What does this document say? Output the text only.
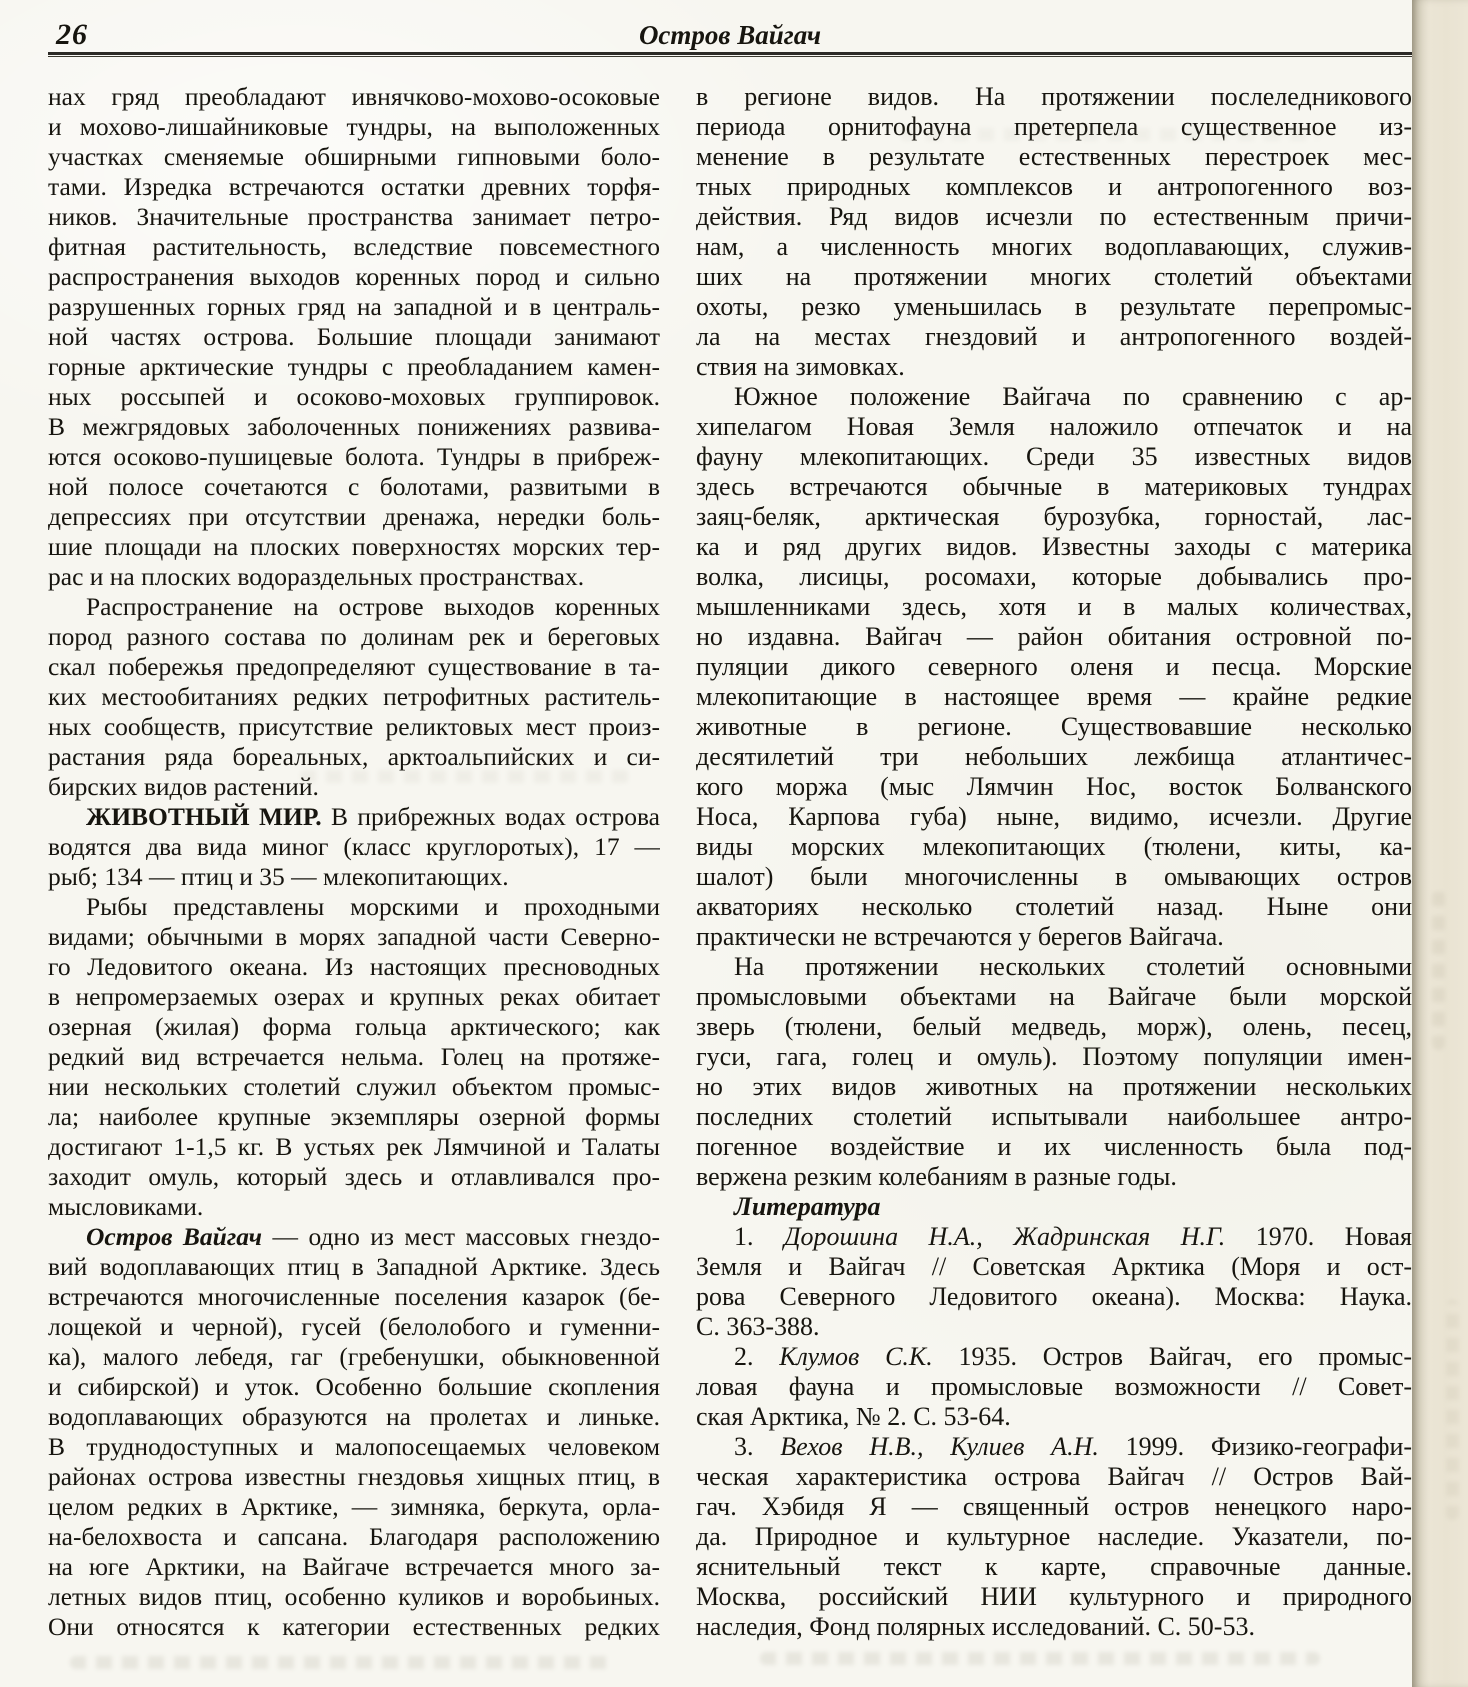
26	Остров Вайгач
нах гряд преобладают ивнячково-мохово-осоковые
и мохово-лишайниковые тундры, на выположенных
участках сменяемые обширными гипновыми боло-
тами. Изредка встречаются остатки древних торфя-
ников. Значительные пространства занимает петро-
фитная растительность, вследствие повсеместного
распространения выходов коренных пород и сильно
разрушенных горных гряд на западной и в централь-
ной частях острова. Большие площади занимают
горные арктические тундры с преобладанием камен-
ных россыпей и осоково-моховых группировок.
В межгрядовых заболоченных понижениях развива-
ются осоково-пушицевые болота. Тундры в прибреж-
ной полосе сочетаются с болотами, развитыми в
депрессиях при отсутствии дренажа, нередки боль-
шие площади на плоских поверхностях морских тер-
рас и на плоских водораздельных пространствах.
Распространение на острове выходов коренных
пород разного состава по долинам рек и береговых
скал побережья предопределяют существование в та-
ких местообитаниях редких петрофитных раститель-
ных сообществ, присутствие реликтовых мест произ-
растания ряда бореальных, арктоальпийских и си-
бирских видов растений.
ЖИВОТНЫЙ МИР. В прибрежных водах острова
водятся два вида миног (класс круглоротых), 17 —
рыб; 134 — птиц и 35 — млекопитающих.
Рыбы представлены морскими и проходными
видами; обычными в морях западной части Северно-
го Ледовитого океана. Из настоящих пресноводных
в непромерзаемых озерах и крупных реках обитает
озерная (жилая) форма гольца арктического; как
редкий вид встречается нельма. Голец на протяже-
нии нескольких столетий служил объектом промыс-
ла; наиболее крупные экземпляры озерной формы
достигают 1-1,5 кг. В устьях рек Лямчиной и Талаты
заходит омуль, который здесь и отлавливался про-
мысловиками.
Остров Вайгач — одно из мест массовых гнездо-
вий водоплавающих птиц в Западной Арктике. Здесь
встречаются многочисленные поселения казарок (бе-
лощекой и черной), гусей (белолобого и гуменни-
ка), малого лебедя, гаг (гребенушки, обыкновенной
и сибирской) и уток. Особенно большие скопления
водоплавающих образуются на пролетах и линьке.
В труднодоступных и малопосещаемых человеком
районах острова известны гнездовья хищных птиц, в
целом редких в Арктике, — зимняка, беркута, орла-
на-белохвоста и сапсана. Благодаря расположению
на юге Арктики, на Вайгаче встречается много за-
летных видов птиц, особенно куликов и воробьиных.
Они относятся к категории естественных редких
в регионе видов. На протяжении послеледникового
периода орнитофауна претерпела существенное из-
менение в результате естественных перестроек мес-
тных природных комплексов и антропогенного воз-
действия. Ряд видов исчезли по естественным причи-
нам, а численность многих водоплавающих, служив-
ших на протяжении многих столетий объектами
охоты, резко уменьшилась в результате перепромыс-
ла на местах гнездовий и антропогенного воздей-
ствия на зимовках.
Южное положение Вайгача по сравнению с ар-
хипелагом Новая Земля наложило отпечаток и на
фауну млекопитающих. Среди 35 известных видов
здесь встречаются обычные в материковых тундрах
заяц-беляк, арктическая бурозубка, горностай, лас-
ка и ряд других видов. Известны заходы с материка
волка, лисицы, росомахи, которые добывались про-
мышленниками здесь, хотя и в малых количествах,
но издавна. Вайгач — район обитания островной по-
пуляции дикого северного оленя и песца. Морские
млекопитающие в настоящее время — крайне редкие
животные в регионе. Существовавшие несколько
десятилетий три небольших лежбища атлантичес-
кого моржа (мыс Лямчин Нос, восток Болванского
Носа, Карпова губа) ныне, видимо, исчезли. Другие
виды морских млекопитающих (тюлени, киты, ка-
шалот) были многочисленны в омывающих остров
акваториях несколько столетий назад. Ныне они
практически не встречаются у берегов Вайгача.
На протяжении нескольких столетий основными
промысловыми объектами на Вайгаче были морской
зверь (тюлени, белый медведь, морж), олень, песец,
гуси, гага, голец и омуль). Поэтому популяции имен-
но этих видов животных на протяжении нескольких
последних столетий испытывали наибольшее антро-
погенное воздействие и их численность была под-
вержена резким колебаниям в разные годы.
Литература
1. Дорошина Н.А., Жадринская Н.Г. 1970. Новая
Земля и Вайгач // Советская Арктика (Моря и ост-
рова Северного Ледовитого океана). Москва: Наука.
С. 363-388.
2. Клумов С.К. 1935. Остров Вайгач, его промыс-
ловая фауна и промысловые возможности // Совет-
ская Арктика, № 2. С. 53-64.
3. Вехов Н.В., Кулиев А.Н. 1999. Физико-географи-
ческая характеристика острова Вайгач // Остров Вай-
гач. Хэбидя Я — священный остров ненецкого наро-
да. Природное и культурное наследие. Указатели, по-
яснительный текст к карте, справочные данные.
Москва, российский НИИ культурного и природного
наследия, Фонд полярных исследований. С. 50-53.
